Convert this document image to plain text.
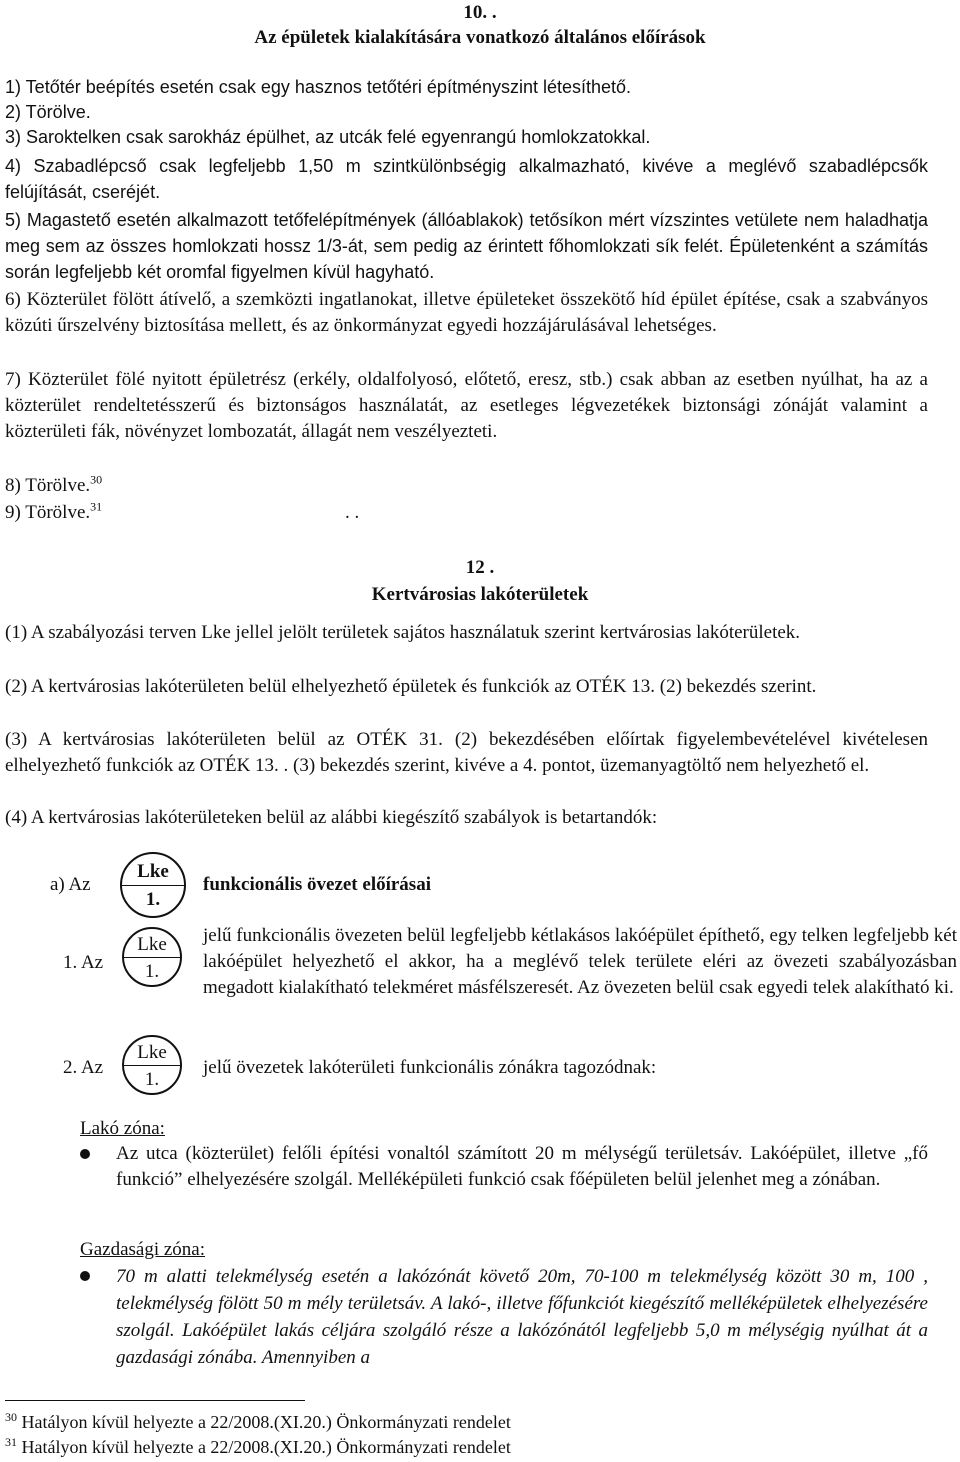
10. .
Az épületek kialakítására vonatkozó általános előírások
1) Tetőtér beépítés esetén csak egy hasznos tetőtéri építményszint létesíthető.
2) Törölve.
3) Saroktelken csak sarokház épülhet, az utcák felé egyenrangú homlokzatokkal.
4) Szabadlépcső csak legfeljebb 1,50 m szintkülönbségig alkalmazható, kivéve a meglévő szabadlépcsők felújítását, cseréjét.
5) Magastető esetén alkalmazott tetőfelépítmények (állóablakok) tetősíkon mért vízszintes vetülete nem haladhatja meg sem az összes homlokzati hossz 1/3-át, sem pedig az érintett főhomlokzati sík felét. Épületenként a számítás során legfeljebb két oromfal figyelmen kívül hagyható.
6) Közterület fölött átívelő, a szemközti ingatlanokat, illetve épületeket összekötő híd épület építése, csak a szabványos közúti űrszelvény biztosítása mellett, és az önkormányzat egyedi hozzájárulásával lehetséges.
7) Közterület fölé nyitott épületrész (erkély, oldalfolyosó, előtető, eresz, stb.) csak abban az esetben nyúlhat, ha az a közterület rendeltetésszerű és biztonságos használatát, az esetleges légvezetékek biztonsági zónáját valamint a közterületi fák, növényzet lombozatát, állagát nem veszélyezteti.
8) Törölve.$^{30}$
9) Törölve.$^{31}$	. .
12 .
Kertvárosias lakóterületek
(1) A szabályozási terven Lke jellel jelölt területek sajátos használatuk szerint kertvárosias lakóterületek.
(2) A kertvárosias lakóterületen belül elhelyezhető épületek és funkciók az OTÉK 13. (2) bekezdés szerint.
(3) A kertvárosias lakóterületen belül az OTÉK 31. (2) bekezdésében előírtak figyelembevételével kivételesen elhelyezhető funkciók az OTÉK 13. . (3) bekezdés szerint, kivéve a 4. pontot, üzemanyagtöltő nem helyezhető el.
(4) A kertvárosias lakóterületeken belül az alábbi kiegészítő szabályok is betartandók:
a) Az
Lke
1.
funkcionális övezet előírásai
1. Az
Lke
1.
jelű funkcionális övezeten belül legfeljebb kétlakásos lakóépület építhető, egy telken legfeljebb két lakóépület helyezhető el akkor, ha a meglévő telek területe eléri az övezeti szabályozásban megadott kialakítható telekméret másfélszeresét. Az övezeten belül csak egyedi telek alakítható ki.
2. Az
Lke
1.
jelű övezetek lakóterületi funkcionális zónákra tagozódnak:
Lakó zóna:
Az utca (közterület) felőli építési vonaltól számított 20 m mélységű területsáv. Lakóépület, illetve „fő funkció” elhelyezésére szolgál. Melléképületi funkció csak főépületen belül jelenhet meg a zónában.
Gazdasági zóna:
70 m alatti telekmélység esetén a lakózónát követő 20m, 70-100 m telekmélység között 30 m, 100 , telekmélység fölött 50 m mély területsáv. A lakó-, illetve főfunkciót kiegészítő melléképületek elhelyezésére szolgál. Lakóépület lakás céljára szolgáló része a lakózónától legfeljebb 5,0 m mélységig nyúlhat át a gazdasági zónába. Amennyiben a
$^{30}$ Hatályon kívül helyezte a 22/2008.(XI.20.) Önkormányzati rendelet
$^{31}$ Hatályon kívül helyezte a 22/2008.(XI.20.) Önkormányzati rendelet
